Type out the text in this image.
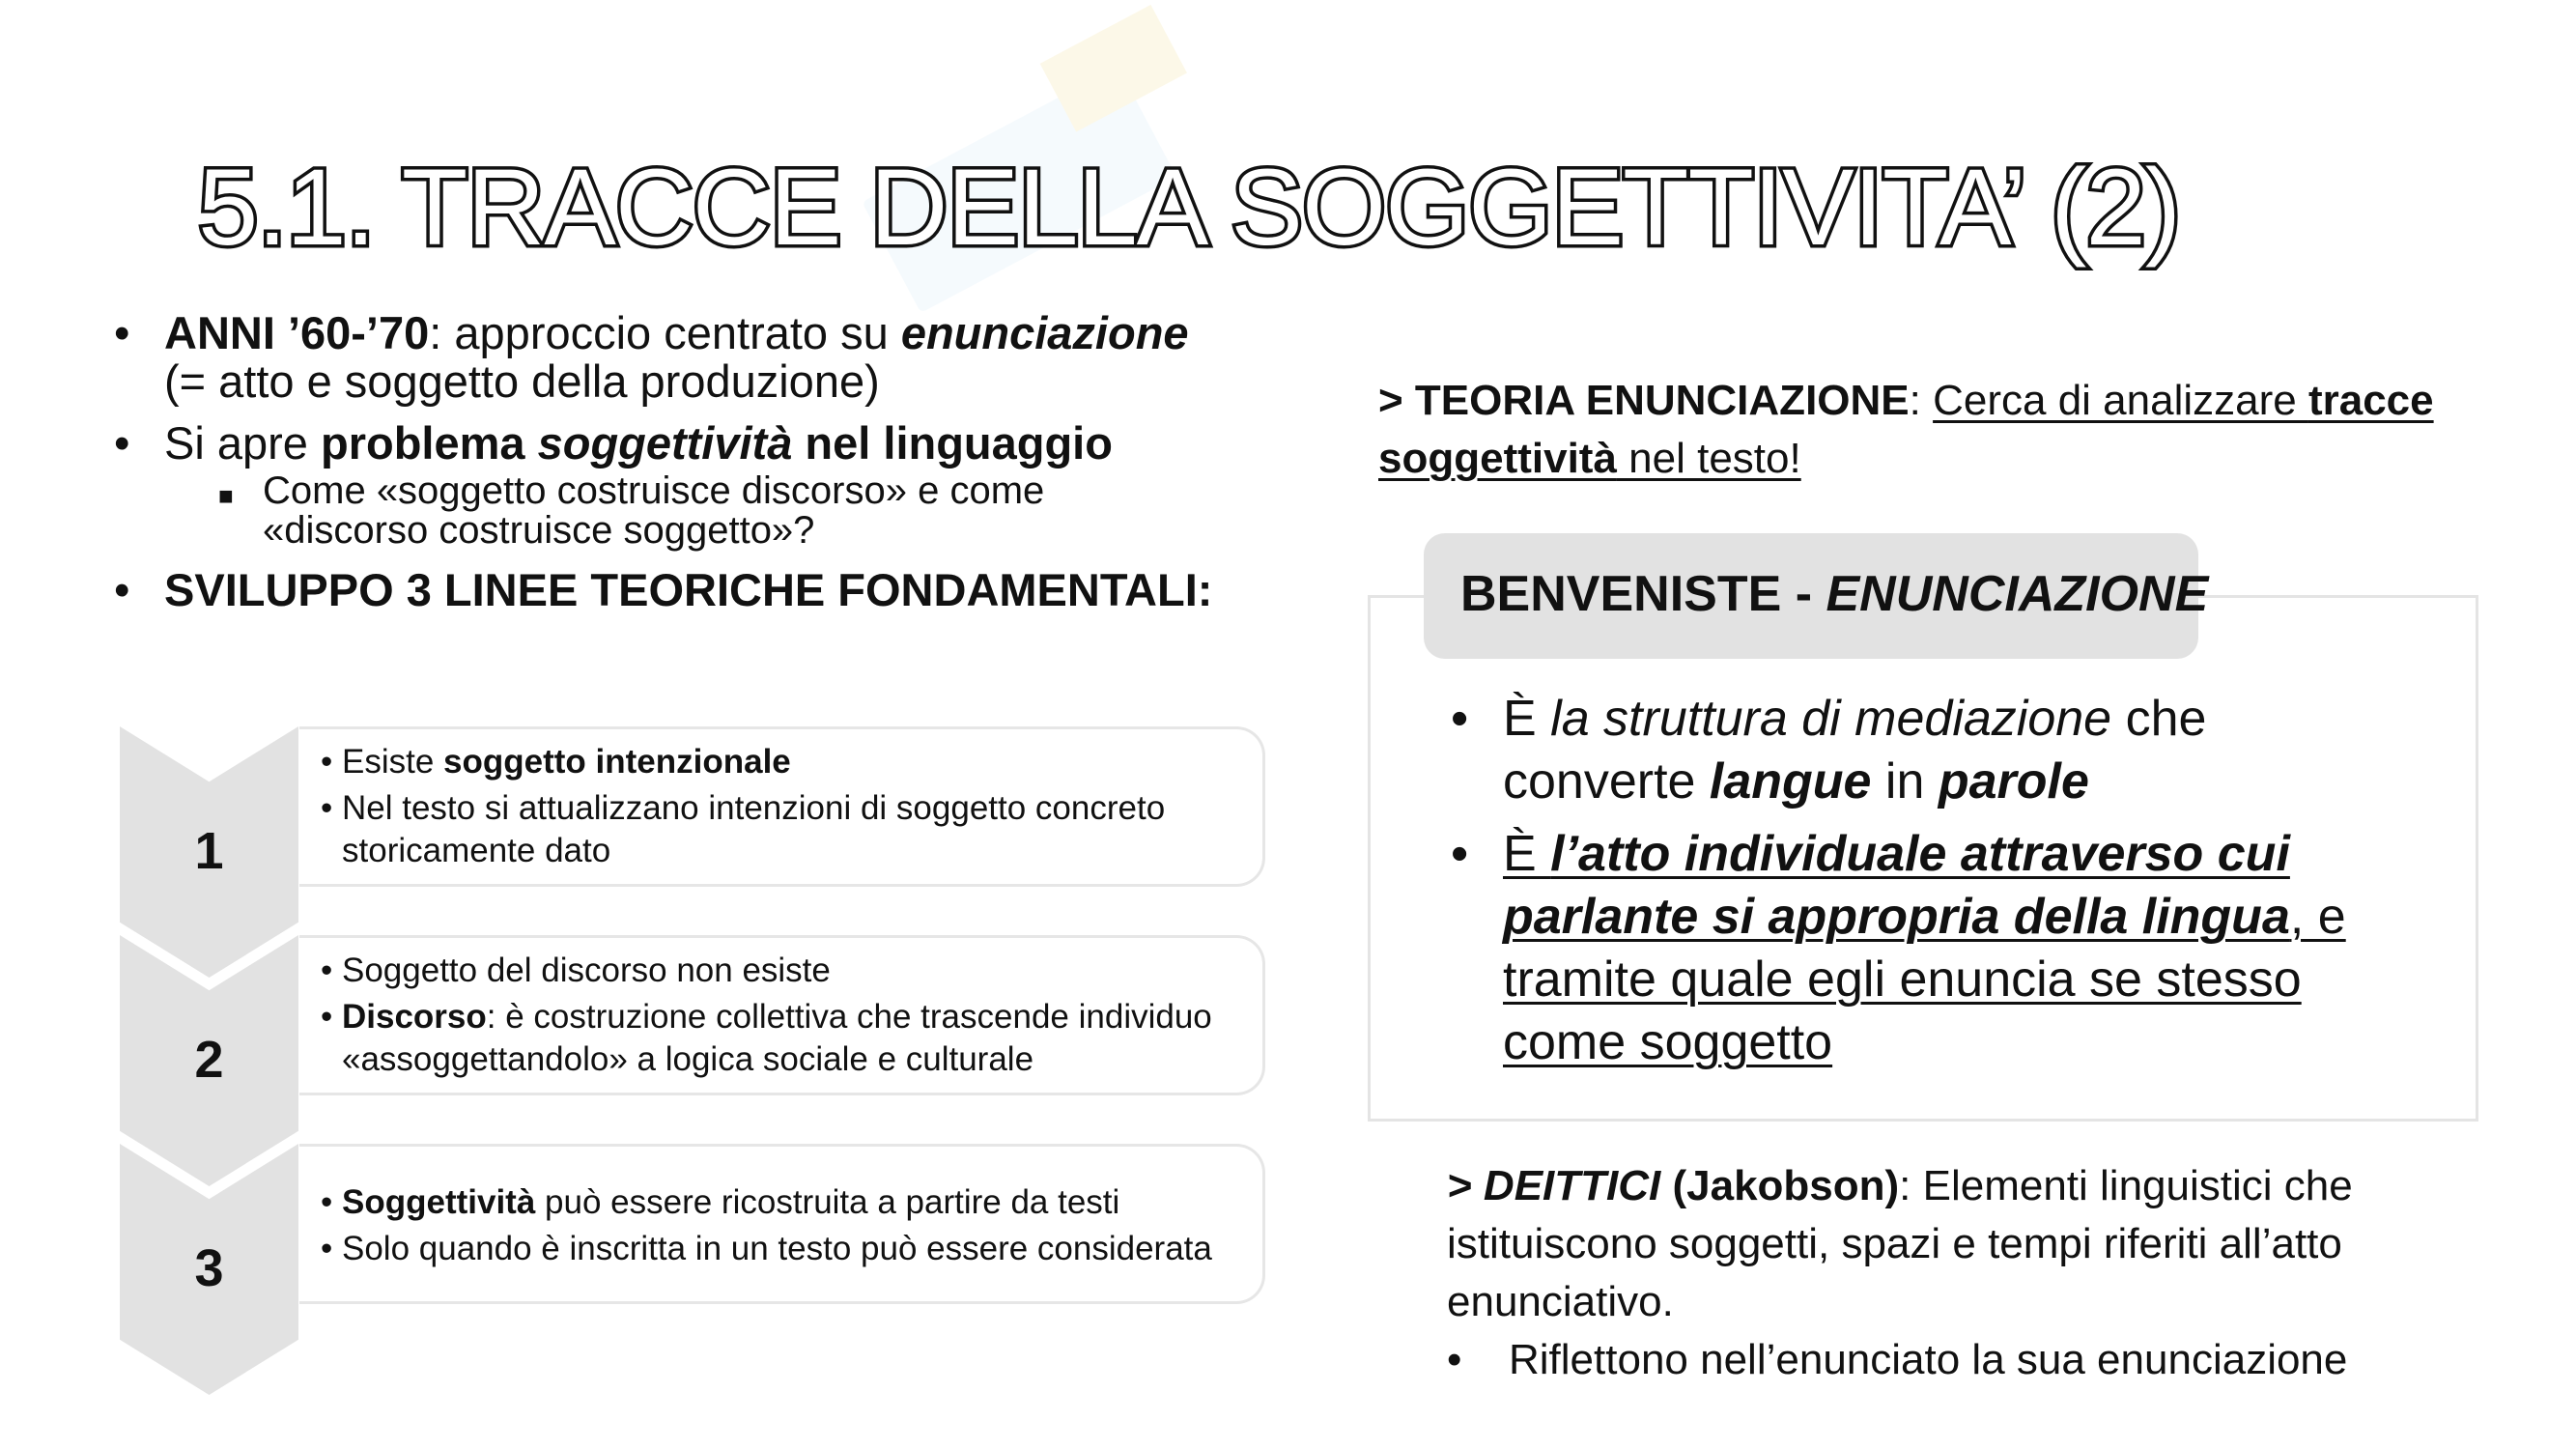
5.1. TRACCE DELLA SOGGETTIVITA’ (2)
• ANNI ’60-’70: approccio centrato su enunciazione
(= atto e soggetto della produzione)
• Si apre problema soggettività nel linguaggio
■ Come «soggetto costruisce discorso» e come
«discorso costruisce soggetto»?
• SVILUPPO 3 LINEE TEORICHE FONDAMENTALI:
1
• Esiste soggetto intenzionale
• Nel testo si attualizzano intenzioni di soggetto concreto
storicamente dato
2
• Soggetto del discorso non esiste
• Discorso: è costruzione collettiva che trascende individuo
«assoggettandolo» a logica sociale e culturale
3
• Soggettività può essere ricostruita a partire da testi
• Solo quando è inscritta in un testo può essere considerata
> TEORIA ENUNCIAZIONE: Cerca di analizzare tracce
soggettività nel testo!
BENVENISTE - ENUNCIAZIONE
• È la struttura di mediazione che
converte langue in parole
• È l’atto individuale attraverso cui
parlante si appropria della lingua, e
tramite quale egli enuncia se stesso
come soggetto
> DEITTICI (Jakobson): Elementi linguistici che
istituiscono soggetti, spazi e tempi riferiti all’atto
enunciativo.
• Riflettono nell’enunciato la sua enunciazione
